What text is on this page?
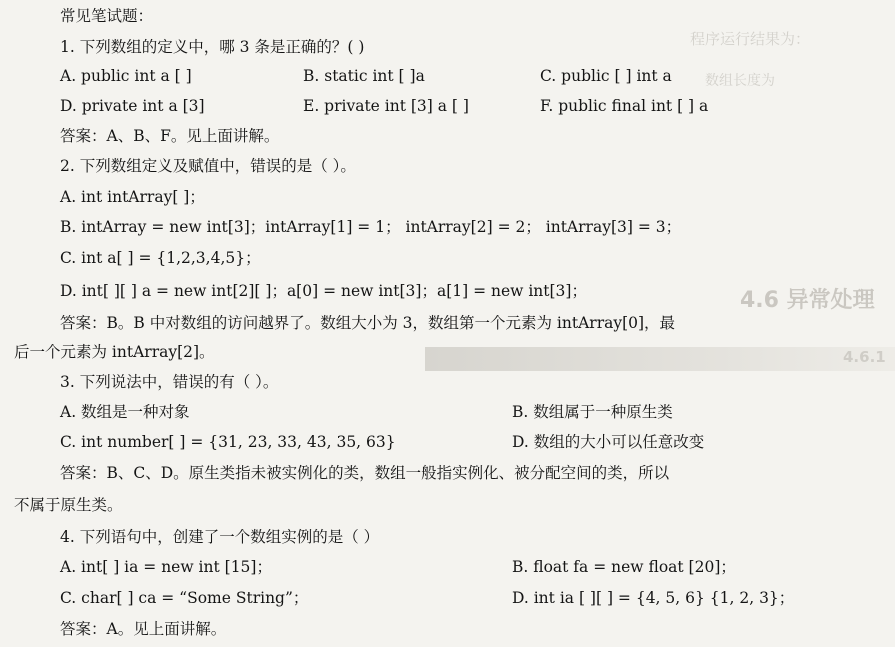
程序运行结果为：
数组长度为
4.6 异常处理
4.6.1
常见笔试题：
1. 下列数组的定义中，哪 3 条是正确的？( )
A. public int a [ ]	B. static int [ ]a	C. public [ ] int a
D. private int a [3]	E. private int [3] a [ ]	F. public final int [ ] a
答案：A、B、F。见上面讲解。
2. 下列数组定义及赋值中，错误的是（ ）。
A. int intArray[ ]；
B. intArray = new int[3]；intArray[1] = 1； intArray[2] = 2； intArray[3] = 3；
C. int a[ ] = {1,2,3,4,5}；
D. int[ ][ ] a = new int[2][ ]；a[0] = new int[3]；a[1] = new int[3]；
答案：B。B 中对数组的访问越界了。数组大小为 3，数组第一个元素为 intArray[0]，最
后一个元素为 intArray[2]。
3. 下列说法中，错误的有（ ）。
A. 数组是一种对象	B. 数组属于一种原生类
C. int number[ ] = {31, 23, 33, 43, 35, 63}	D. 数组的大小可以任意改变
答案：B、C、D。原生类指未被实例化的类，数组一般指实例化、被分配空间的类，所以
不属于原生类。
4. 下列语句中，创建了一个数组实例的是（ ）
A. int[ ] ia = new int [15]；	B. float fa = new float [20]；
C. char[ ] ca = “Some String”；	D. int ia [ ][ ] = {4, 5, 6} {1, 2, 3}；
答案：A。见上面讲解。
